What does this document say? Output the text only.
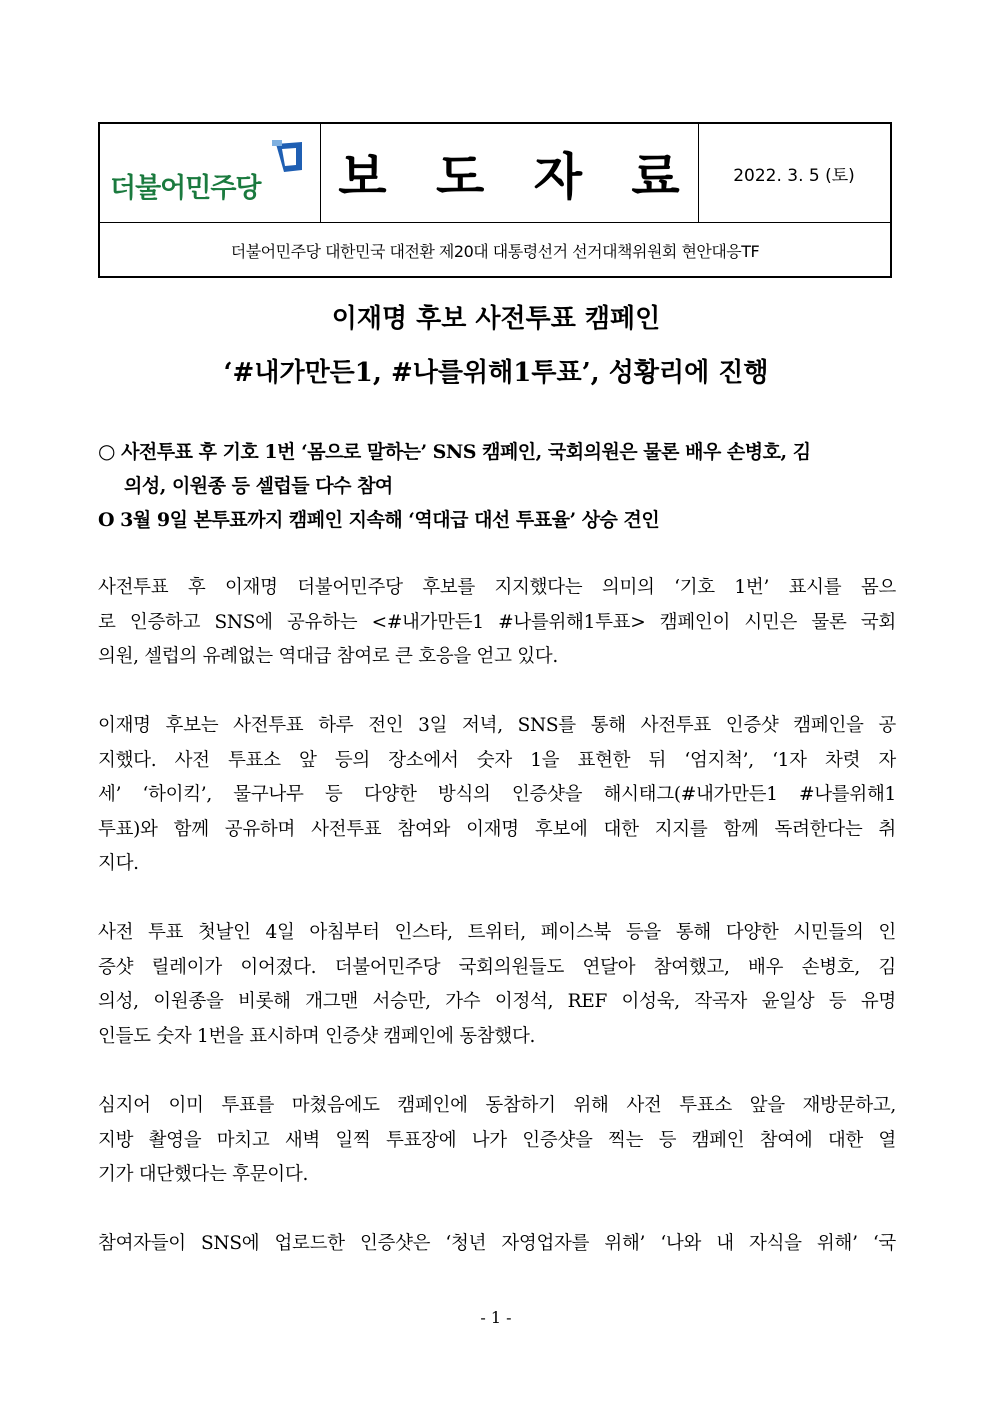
더불어민주당	보 도 자 료 2022. 3. 5 (토)
더불어민주당 대한민국 대전환 제20대 대통령선거 선거대책위원회 현안대응TF
이재명 후보 사전투표 캠페인
‘#내가만든1, #나를위해1투표’, 성황리에 진행
○ 사전투표 후 기호 1번 ‘몸으로 말하는’ SNS 캠페인, 국회의원은 물론 배우 손병호, 김
의성, 이원종 등 셀럽들 다수 참여
O 3월 9일 본투표까지 캠페인 지속해 ‘역대급 대선 투표율’ 상승 견인
사전투표 후 이재명 더불어민주당 후보를 지지했다는 의미의 ‘기호 1번’ 표시를 몸으
로 인증하고 SNS에 공유하는 <#내가만든1 #나를위해1투표> 캠페인이 시민은 물론 국회
의원, 셀럽의 유례없는 역대급 참여로 큰 호응을 얻고 있다.
이재명 후보는 사전투표 하루 전인 3일 저녁, SNS를 통해 사전투표 인증샷 캠페인을 공
지했다. 사전 투표소 앞 등의 장소에서 숫자 1을 표현한 뒤 ‘엄지척’, ‘1자 차렷 자
세’ ‘하이킥’, 물구나무 등 다양한 방식의 인증샷을 해시태그(#내가만든1 #나를위해1
투표)와 함께 공유하며 사전투표 참여와 이재명 후보에 대한 지지를 함께 독려한다는 취
지다.
사전 투표 첫날인 4일 아침부터 인스타, 트위터, 페이스북 등을 통해 다양한 시민들의 인
증샷 릴레이가 이어졌다. 더불어민주당 국회의원들도 연달아 참여했고, 배우 손병호, 김
의성, 이원종을 비롯해 개그맨 서승만, 가수 이정석, REF 이성욱, 작곡자 윤일상 등 유명
인들도 숫자 1번을 표시하며 인증샷 캠페인에 동참했다.
심지어 이미 투표를 마쳤음에도 캠페인에 동참하기 위해 사전 투표소 앞을 재방문하고,
지방 촬영을 마치고 새벽 일찍 투표장에 나가 인증샷을 찍는 등 캠페인 참여에 대한 열
기가 대단했다는 후문이다.
참여자들이 SNS에 업로드한 인증샷은 ‘청년 자영업자를 위해’ ‘나와 내 자식을 위해’ ‘국
- 1 -
